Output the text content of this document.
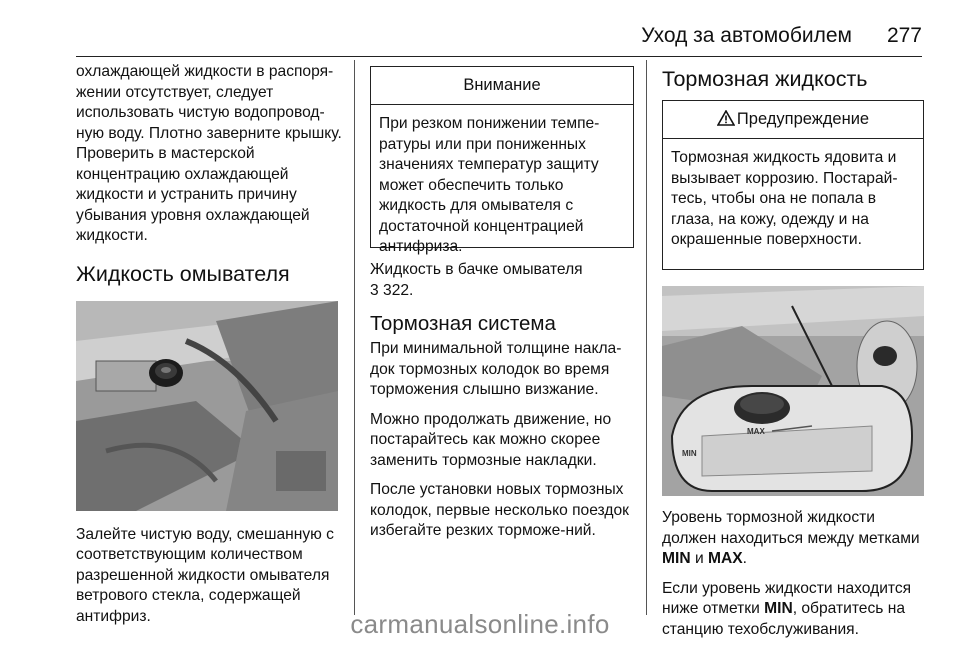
Уход за автомобилем 277

охлаждающей жидкости в распоря-жении отсутствует, следует использовать чистую водопровод-ную воду. Плотно заверните крышку. Проверить в мастерской концентрацию охлаждающей жидкости и устранить причину убывания уровня охлаждающей жидкости.

Жидкость омывателя

Залейте чистую воду, смешанную с соответствующим количеством разрешенной жидкости омывателя ветрового стекла, содержащей антифриз.

Внимание
При резком понижении темпе-ратуры или при пониженных значениях температур защиту может обеспечить только жидкость для омывателя с достаточной концентрацией антифриза.

Жидкость в бачке омывателя
3 322.

Тормозная система

При минимальной толщине накла-док тормозных колодок во время торможения слышно визжание.

Можно продолжать движение, но постарайтесь как можно скорее заменить тормозные накладки.

После установки новых тормозных колодок, первые несколько поездок избегайте резких торможе-ний.

Тормозная жидкость
Предупреждение
Тормозная жидкость ядовита и вызывает коррозию. Постарай-тесь, чтобы она не попала в глаза, на кожу, одежду и на окрашенные поверхности.
MAX
MIN

Уровень тормозной жидкости должен находиться между метками MIN и MAX.

Если уровень жидкости находится ниже отметки MIN, обратитесь на станцию техобслуживания.

carmanualsonline.info
